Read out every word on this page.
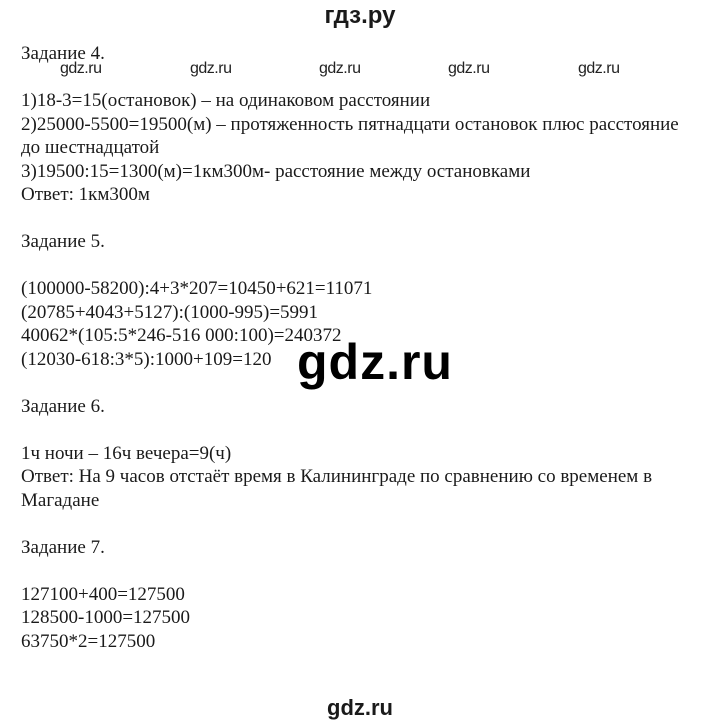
гдз.ру
gdz.ru	gdz.ru	gdz.ru	gdz.ru	gdz.ru
Задание 4.
1)18-3=15(остановок) – на одинаковом расстоянии
2)25000-5500=19500(м) – протяженность пятнадцати остановок плюс расстояние до шестнадцатой
3)19500:15=1300(м)=1км300м- расстояние между остановками
Ответ: 1км300м
Задание 5.
(100000-58200):4+3*207=10450+621=11071
(20785+4043+5127):(1000-995)=5991
40062*(105:5*246-516 000:100)=240372
(12030-618:3*5):1000+109=120
Задание 6.
1ч ночи – 16ч вечера=9(ч)
Ответ: На 9 часов отстаёт время в Калининграде по сравнению со временем в Магадане
Задание 7.
127100+400=127500
128500-1000=127500
63750*2=127500
gdz.ru
gdz.ru
